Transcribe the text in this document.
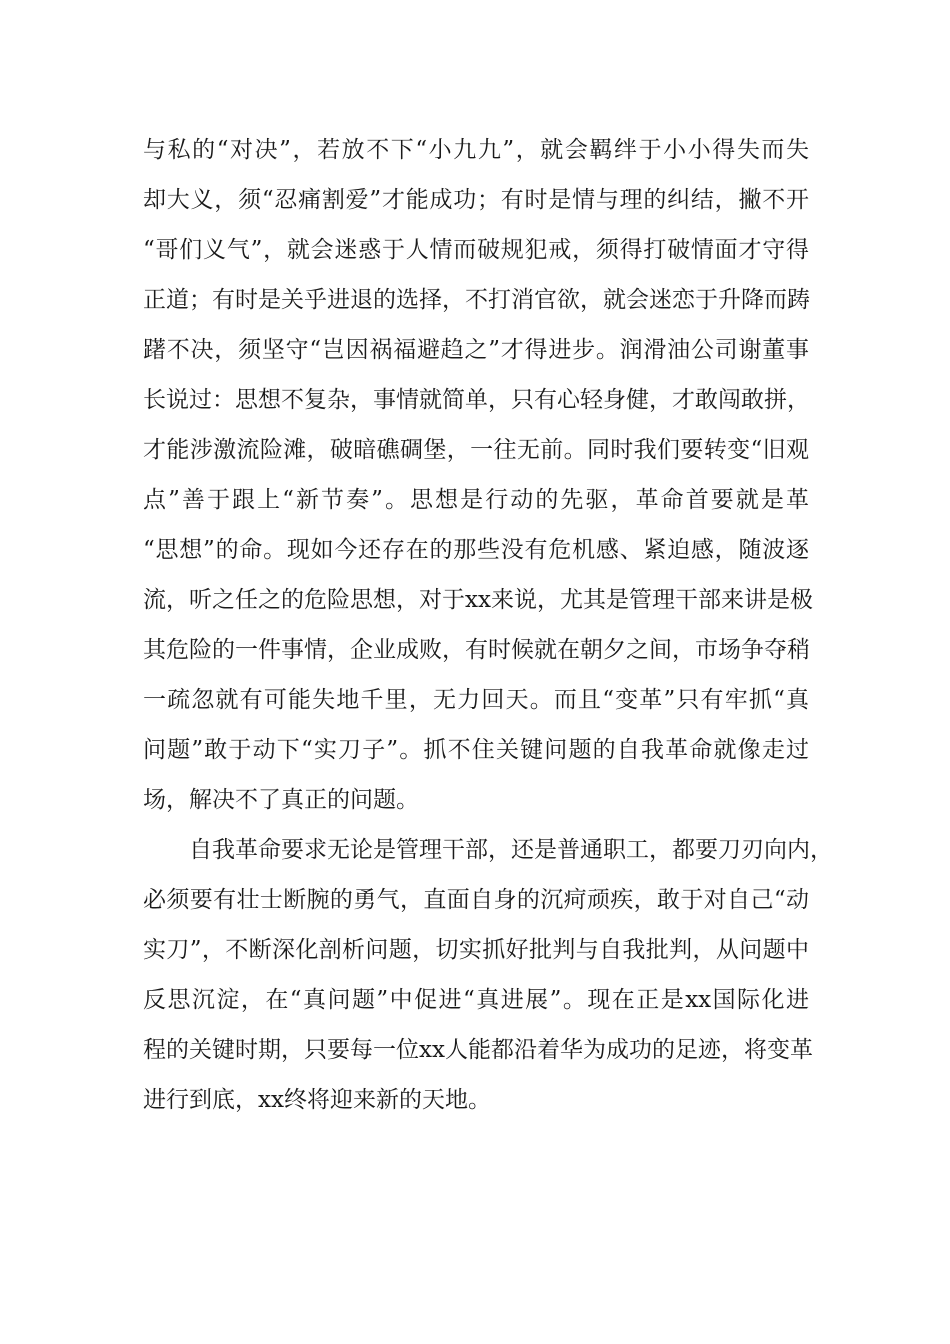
与私的“对决”，若放不下“小九九”，就会羁绊于小小得失而失
却大义，须“忍痛割爱”才能成功；有时是情与理的纠结，撇不开
“哥们义气”，就会迷惑于人情而破规犯戒，须得打破情面才守得
正道；有时是关乎进退的选择，不打消官欲，就会迷恋于升降而踌
躇不决，须坚守“岂因祸福避趋之”才得进步。润滑油公司谢董事
长说过：思想不复杂，事情就简单，只有心轻身健，才敢闯敢拼，
才能涉激流险滩，破暗礁碉堡，一往无前。同时我们要转变“旧观
点”善于跟上“新节奏”。思想是行动的先驱，革命首要就是革
“思想”的命。现如今还存在的那些没有危机感、紧迫感，随波逐
流，听之任之的危险思想，对于xx来说，尤其是管理干部来讲是极
其危险的一件事情，企业成败，有时候就在朝夕之间，市场争夺稍
一疏忽就有可能失地千里，无力回天。而且“变革”只有牢抓“真
问题”敢于动下“实刀子”。抓不住关键问题的自我革命就像走过
场，解决不了真正的问题。
自我革命要求无论是管理干部，还是普通职工，都要刀刃向内，
必须要有壮士断腕的勇气，直面自身的沉疴顽疾，敢于对自己“动
实刀”，不断深化剖析问题，切实抓好批判与自我批判，从问题中
反思沉淀，在“真问题”中促进“真进展”。现在正是xx国际化进
程的关键时期，只要每一位xx人能都沿着华为成功的足迹，将变革
进行到底，xx终将迎来新的天地。
